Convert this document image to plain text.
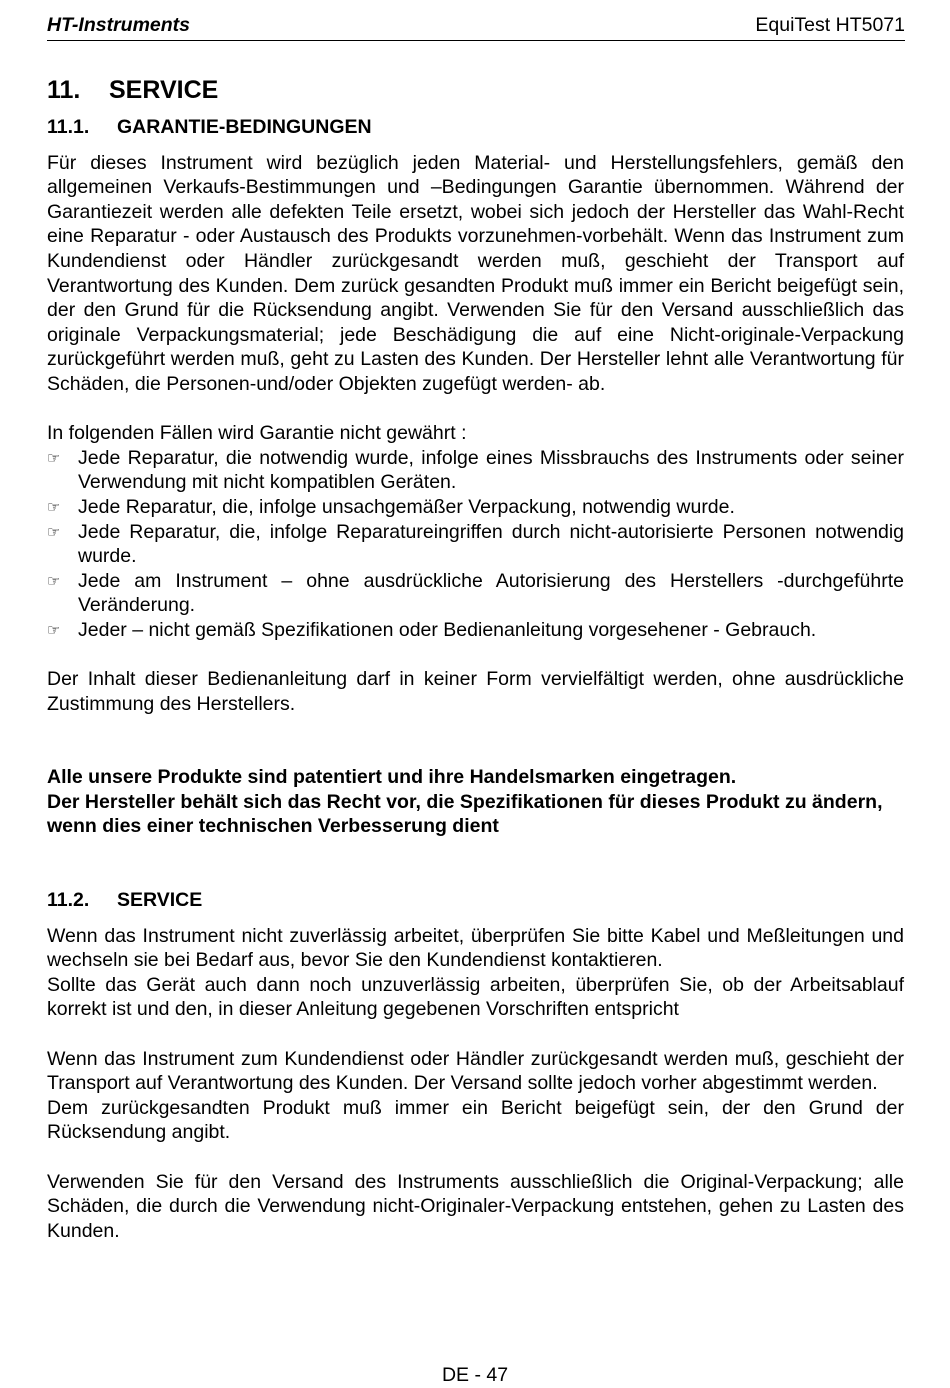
HT-Instruments	EquiTest HT5071
11.	SERVICE
11.1.	GARANTIE-BEDINGUNGEN

Für dieses Instrument wird bezüglich jeden Material- und Herstellungsfehlers, gemäß den allgemeinen Verkaufs-Bestimmungen und –Bedingungen Garantie übernommen. Während der Garantiezeit werden alle defekten Teile ersetzt, wobei sich jedoch der Hersteller das Wahl-Recht eine Reparatur - oder Austausch des Produkts vorzunehmen-vorbehält. Wenn das Instrument zum Kundendienst oder Händler zurückgesandt werden muß, geschieht der Transport auf Verantwortung des Kunden. Dem zurück gesandten Produkt muß immer ein Bericht beigefügt sein, der den Grund für die Rücksendung angibt. Verwenden Sie für den Versand ausschließlich das originale Verpackungsmaterial; jede Beschädigung die auf eine Nicht-originale-Verpackung zurückgeführt werden muß, geht zu Lasten des Kunden. Der Hersteller lehnt alle Verantwortung für Schäden, die Personen-und/oder Objekten zugefügt werden- ab.

In folgenden Fällen wird Garantie nicht gewährt :

☞ Jede Reparatur, die notwendig wurde, infolge eines Missbrauchs des Instruments oder seiner Verwendung mit nicht kompatiblen Geräten.
☞ Jede Reparatur, die, infolge unsachgemäßer Verpackung, notwendig wurde.
☞ Jede Reparatur, die, infolge Reparatureingriffen durch nicht-autorisierte Personen notwendig wurde.
☞ Jede am Instrument – ohne ausdrückliche Autorisierung des Herstellers -durchgeführte Veränderung.
☞ Jeder – nicht gemäß Spezifikationen oder Bedienanleitung vorgesehener - Gebrauch.

Der Inhalt dieser Bedienanleitung darf in keiner Form vervielfältigt werden, ohne ausdrückliche Zustimmung des Herstellers.

Alle unsere Produkte sind patentiert und ihre Handelsmarken eingetragen.

Der Hersteller behält sich das Recht vor, die Spezifikationen für dieses Produkt zu ändern, wenn dies einer technischen Verbesserung dient

11.2.	SERVICE

Wenn das Instrument nicht zuverlässig arbeitet, überprüfen Sie bitte Kabel und Meßleitungen und wechseln sie bei Bedarf aus, bevor Sie den Kundendienst kontaktieren.

Sollte das Gerät auch dann noch unzuverlässig arbeiten, überprüfen Sie, ob der Arbeitsablauf korrekt ist und den, in dieser Anleitung gegebenen Vorschriften entspricht

Wenn das Instrument zum Kundendienst oder Händler zurückgesandt werden muß, geschieht der Transport auf Verantwortung des Kunden. Der Versand sollte jedoch vorher abgestimmt werden.

Dem zurückgesandten Produkt muß immer ein Bericht beigefügt sein, der den Grund der Rücksendung angibt.

Verwenden Sie für den Versand des Instruments ausschließlich die Original-Verpackung; alle Schäden, die durch die Verwendung nicht-Originaler-Verpackung entstehen, gehen zu Lasten des Kunden.

DE - 47
